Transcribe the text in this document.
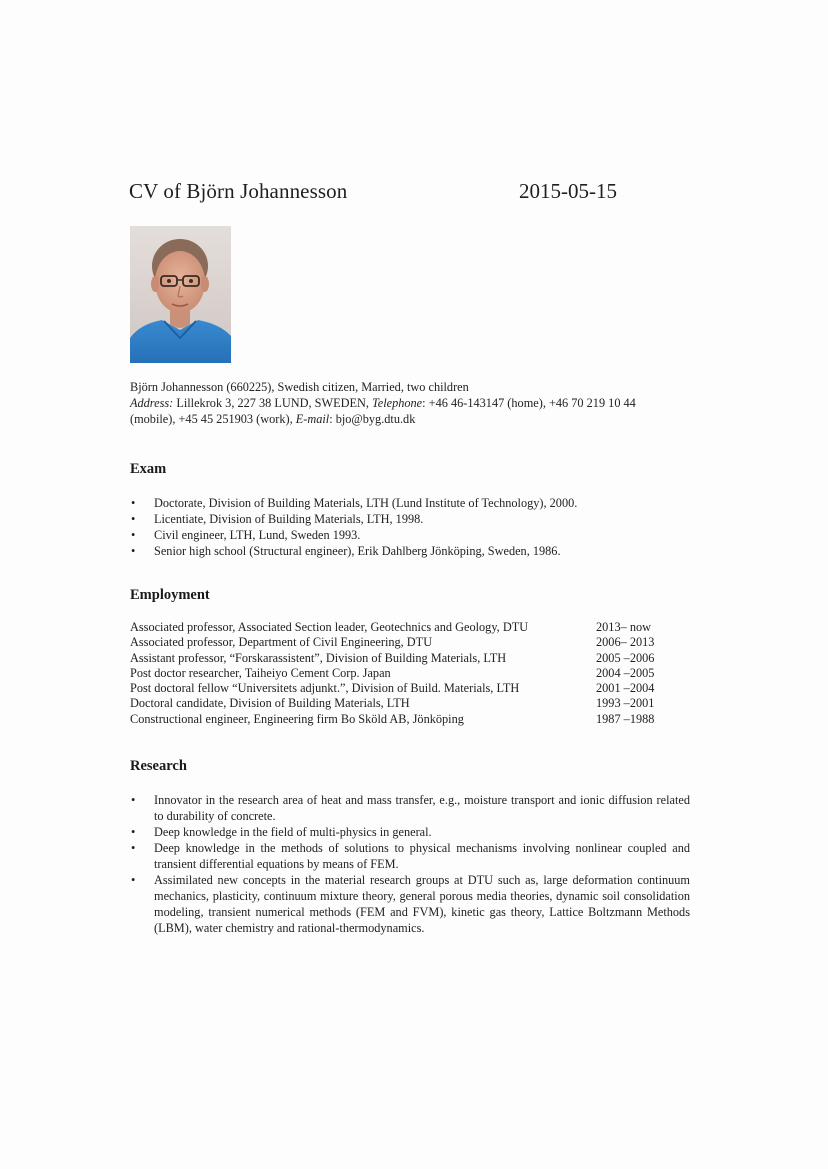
CV of Björn Johannesson	2015-05-15
Björn Johannesson (660225), Swedish citizen, Married, two children
Address: Lillekrok 3, 227 38 LUND, SWEDEN, Telephone: +46 46-143147 (home), +46 70 219 10 44
(mobile), +45 45 251903 (work), E-mail: bjo@byg.dtu.dk
Exam
• Doctorate, Division of Building Materials, LTH (Lund Institute of Technology), 2000.
• Licentiate, Division of Building Materials, LTH, 1998.
• Civil engineer, LTH, Lund, Sweden 1993.
• Senior high school (Structural engineer), Erik Dahlberg Jönköping, Sweden, 1986.
Employment
Associated professor, Associated Section leader, Geotechnics and Geology, DTU	2013– now
Associated professor, Department of Civil Engineering, DTU	2006– 2013
Assistant professor, “Forskarassistent”, Division of Building Materials, LTH	2005 –2006
Post doctor researcher, Taiheiyo Cement Corp. Japan	2004 –2005
Post doctoral fellow “Universitets adjunkt.”, Division of Build. Materials, LTH	2001 –2004
Doctoral candidate, Division of Building Materials, LTH	1993 –2001
Constructional engineer, Engineering firm Bo Sköld AB, Jönköping	1987 –1988
Research
• Innovator in the research area of heat and mass transfer, e.g., moisture transport and ionic diffusion related to durability of concrete.
• Deep knowledge in the field of multi-physics in general.
• Deep knowledge in the methods of solutions to physical mechanisms involving nonlinear coupled and transient differential equations by means of FEM.
• Assimilated new concepts in the material research groups at DTU such as, large deformation continuum mechanics, plasticity, continuum mixture theory, general porous media theories, dynamic soil consolidation modeling, transient numerical methods (FEM and FVM), kinetic gas theory, Lattice Boltzmann Methods (LBM), water chemistry and rational-thermodynamics.
